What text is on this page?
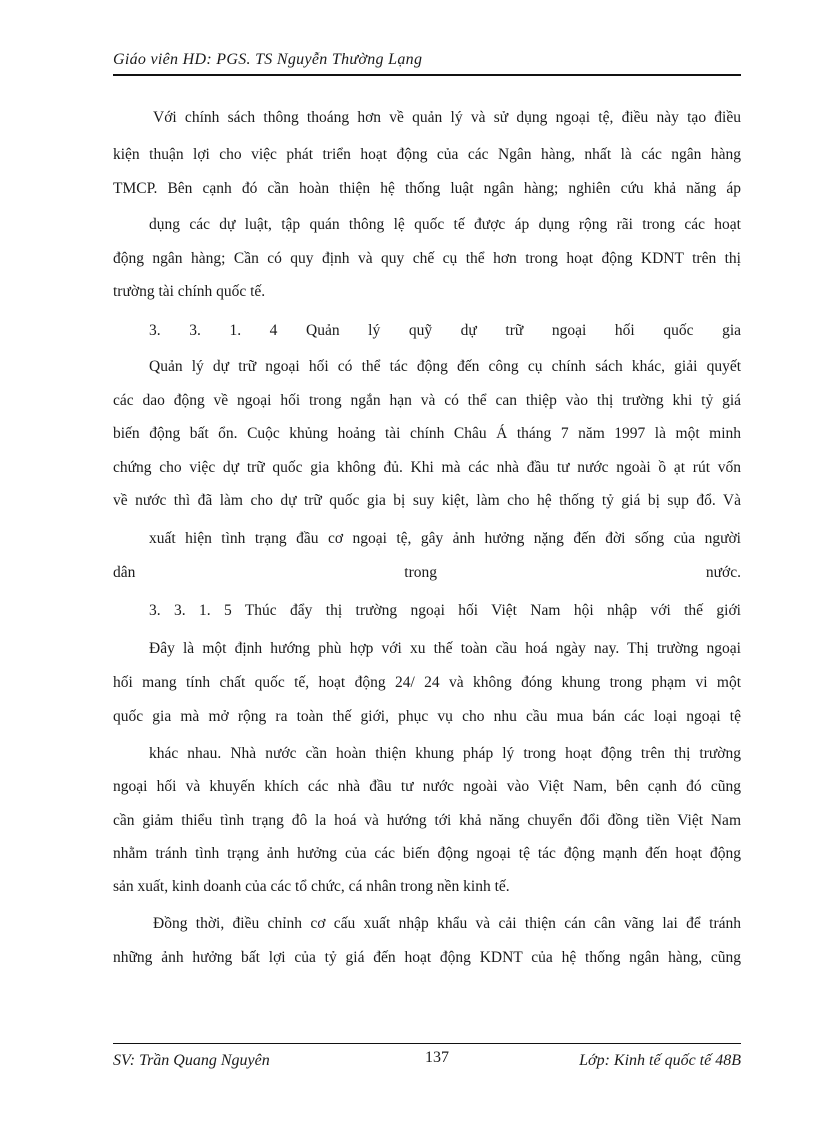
Giáo viên HD: PGS. TS Nguyễn Thường Lạng
Với chính sách thông thoáng hơn về quản lý và sử dụng ngoại tệ, điều này tạo điều
kiện thuận lợi cho việc phát triển hoạt động của các Ngân hàng, nhất là các ngân hàng
TMCP. Bên cạnh đó cần hoàn thiện hệ thống luật ngân hàng; nghiên cứu khả năng áp
dụng các dự luật, tập quán thông lệ quốc tế được áp dụng rộng rãi trong các hoạt
động ngân hàng; Cần có quy định và quy chế cụ thể hơn trong hoạt động KDNT trên thị
trường tài chính quốc tế.
3. 3. 1. 4 Quản lý quỹ dự trữ ngoại hối quốc gia
Quản lý dự trữ ngoại hối có thể tác động đến công cụ chính sách khác, giải quyết
các dao động về ngoại hối trong ngắn hạn và có thể can thiệp vào thị trường khi tỷ giá
biến động bất ổn. Cuộc khủng hoảng tài chính Châu Á tháng 7 năm 1997 là một minh
chứng cho việc dự trữ quốc gia không đủ. Khi mà các nhà đầu tư nước ngoài ồ ạt rút vốn
về nước thì đã làm cho dự trữ quốc gia bị suy kiệt, làm cho hệ thống tỷ giá bị sụp đổ. Và
xuất hiện tình trạng đầu cơ ngoại tệ, gây ảnh hưởng nặng đến đời sống của người
dân	trong	nước.
3. 3. 1. 5 Thúc đẩy thị trường ngoại hối Việt Nam hội nhập với thế giới
Đây là một định hướng phù hợp với xu thế toàn cầu hoá ngày nay. Thị trường ngoại
hối mang tính chất quốc tế, hoạt động 24/ 24 và không đóng khung trong phạm vi một
quốc gia mà mở rộng ra toàn thế giới, phục vụ cho nhu cầu mua bán các loại ngoại tệ
khác nhau. Nhà nước cần hoàn thiện khung pháp lý trong hoạt động trên thị trường
ngoại hối và khuyến khích các nhà đầu tư nước ngoài vào Việt Nam, bên cạnh đó cũng
cần giảm thiểu tình trạng đô la hoá và hướng tới khả năng chuyển đổi đồng tiền Việt Nam
nhằm tránh tình trạng ảnh hưởng của các biến động ngoại tệ tác động mạnh đến hoạt động
sản xuất, kinh doanh của các tổ chức, cá nhân trong nền kinh tế.
Đồng thời, điều chỉnh cơ cấu xuất nhập khẩu và cải thiện cán cân vãng lai để tránh
những ảnh hưởng bất lợi của tỷ giá đến hoạt động KDNT của hệ thống ngân hàng, cũng
SV: Trần Quang Nguyên	137	Lớp: Kinh tế quốc tế 48B
